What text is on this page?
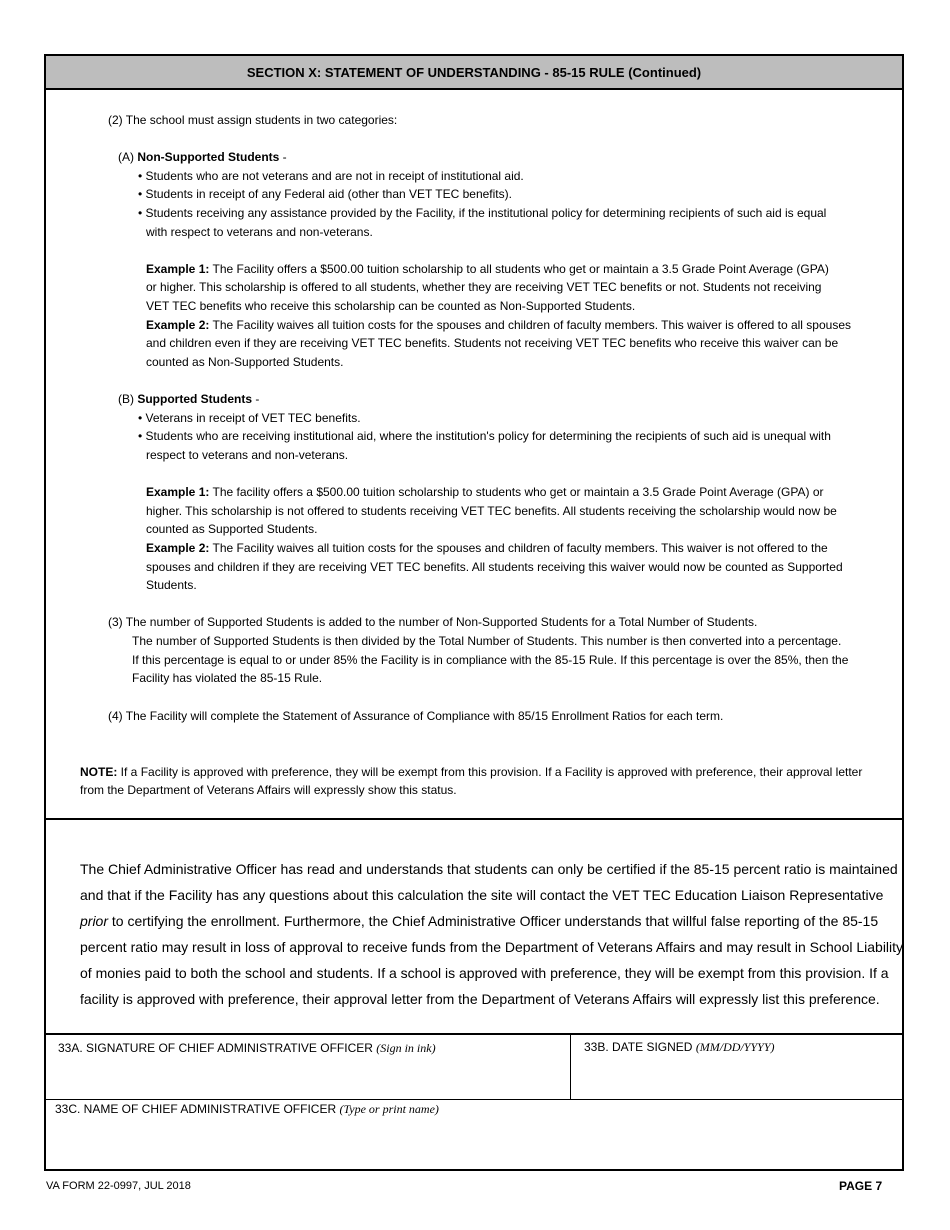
SECTION X: STATEMENT OF UNDERSTANDING - 85-15 RULE (Continued)
(2) The school must assign students in two categories:
(A) Non-Supported Students -
• Students who are not veterans and are not in receipt of institutional aid.
• Students in receipt of any Federal aid (other than VET TEC benefits).
• Students receiving any assistance provided by the Facility, if the institutional policy for determining recipients of such aid is equal
with respect to veterans and non-veterans.
Example 1: The Facility offers a $500.00 tuition scholarship to all students who get or maintain a 3.5 Grade Point Average (GPA)
or higher. This scholarship is offered to all students, whether they are receiving VET TEC benefits or not. Students not receiving
VET TEC benefits who receive this scholarship can be counted as Non-Supported Students.
Example 2: The Facility waives all tuition costs for the spouses and children of faculty members. This waiver is offered to all spouses
and children even if they are receiving VET TEC benefits. Students not receiving VET TEC benefits who receive this waiver can be
counted as Non-Supported Students.
(B) Supported Students -
• Veterans in receipt of VET TEC benefits.
• Students who are receiving institutional aid, where the institution's policy for determining the recipients of such aid is unequal with
respect to veterans and non-veterans.
Example 1: The facility offers a $500.00 tuition scholarship to students who get or maintain a 3.5 Grade Point Average (GPA) or
higher. This scholarship is not offered to students receiving VET TEC benefits. All students receiving the scholarship would now be
counted as Supported Students.
Example 2: The Facility waives all tuition costs for the spouses and children of faculty members. This waiver is not offered to the
spouses and children if they are receiving VET TEC benefits. All students receiving this waiver would now be counted as Supported
Students.
(3) The number of Supported Students is added to the number of Non-Supported Students for a Total Number of Students.
The number of Supported Students is then divided by the Total Number of Students. This number is then converted into a percentage.
If this percentage is equal to or under 85% the Facility is in compliance with the 85-15 Rule. If this percentage is over the 85%, then the
Facility has violated the 85-15 Rule.
(4) The Facility will complete the Statement of Assurance of Compliance with 85/15 Enrollment Ratios for each term.
NOTE: If a Facility is approved with preference, they will be exempt from this provision. If a Facility is approved with preference, their approval letter
from the Department of Veterans Affairs will expressly show this status.
The Chief Administrative Officer has read and understands that students can only be certified if the 85-15 percent ratio is maintained
and that if the Facility has any questions about this calculation the site will contact the VET TEC Education Liaison Representative
prior to certifying the enrollment. Furthermore, the Chief Administrative Officer understands that willful false reporting of the 85-15
percent ratio may result in loss of approval to receive funds from the Department of Veterans Affairs and may result in School Liability
of monies paid to both the school and students. If a school is approved with preference, they will be exempt from this provision. If a
facility is approved with preference, their approval letter from the Department of Veterans Affairs will expressly list this preference.
33A. SIGNATURE OF CHIEF ADMINISTRATIVE OFFICER (Sign in ink)	33B. DATE SIGNED (MM/DD/YYYY)
33C. NAME OF CHIEF ADMINISTRATIVE OFFICER (Type or print name)
VA FORM 22-0997, JUL 2018	PAGE 7
